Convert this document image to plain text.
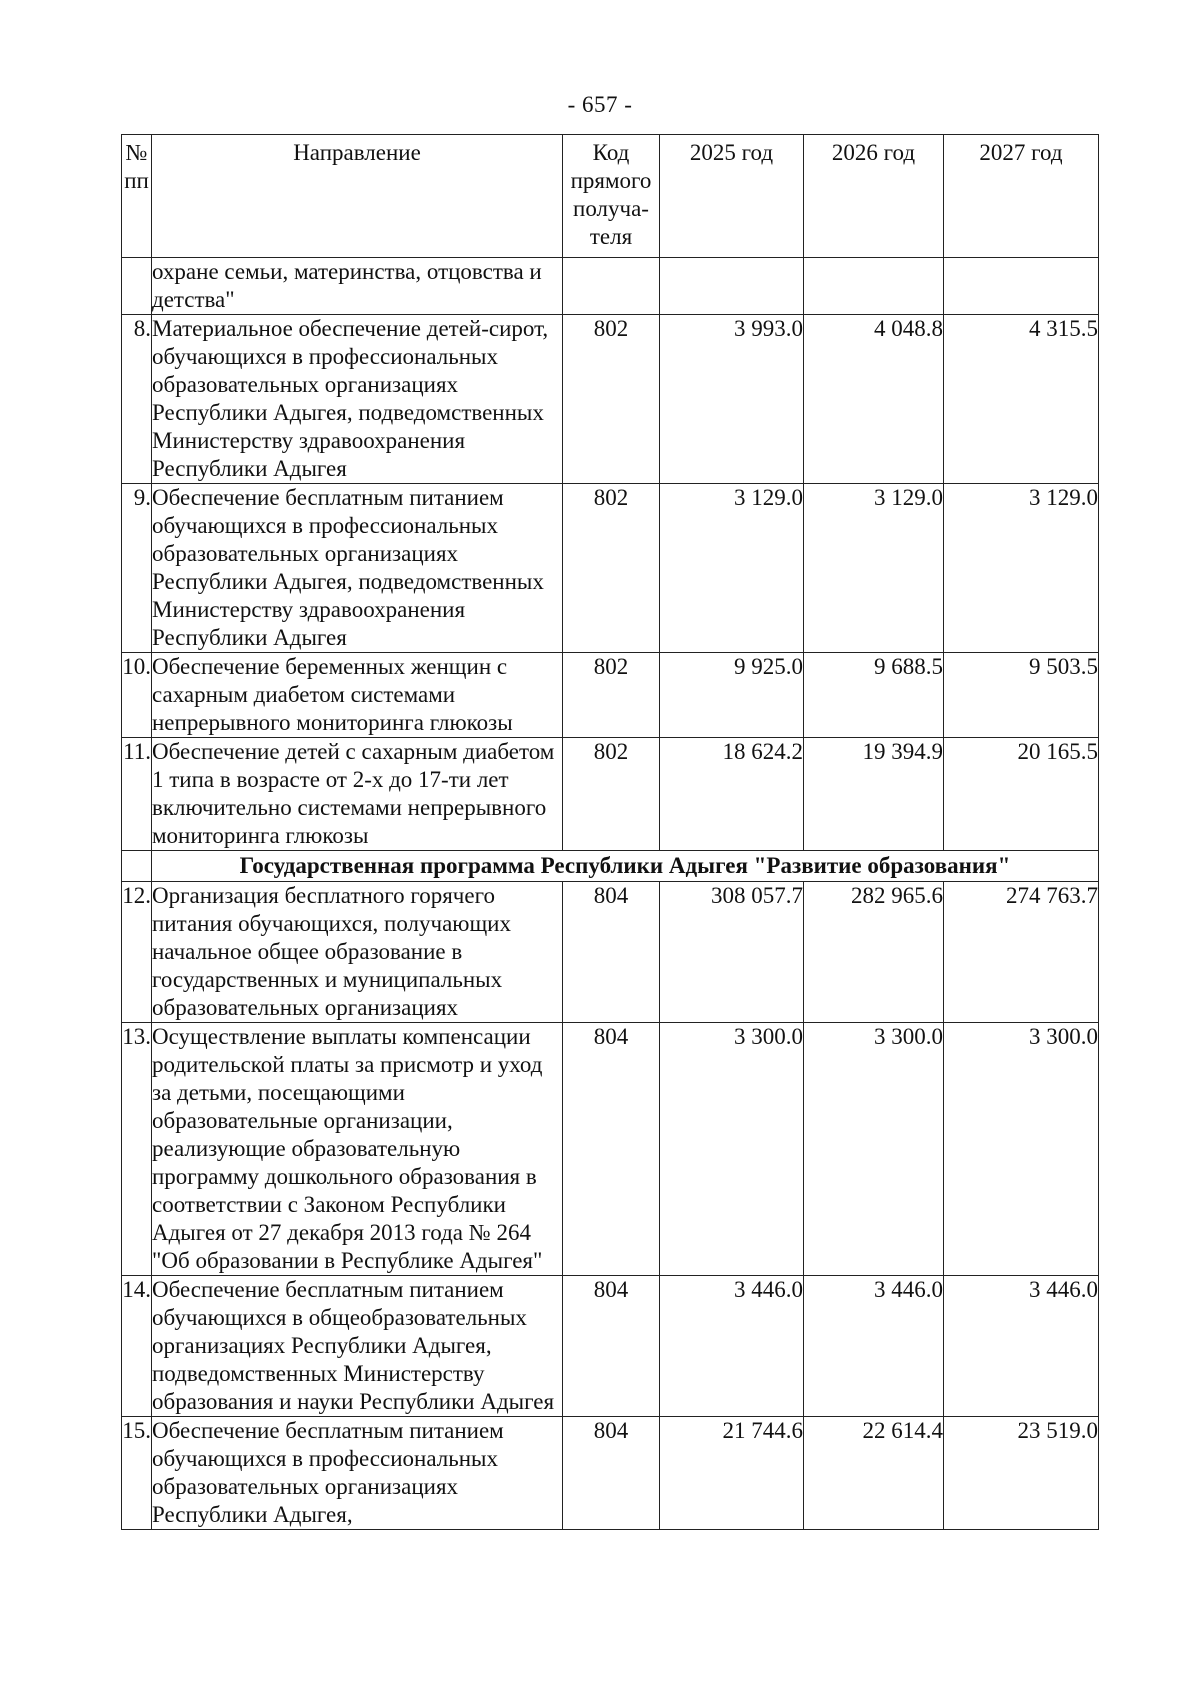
- 657 -
№ пп	Направление	Код прямого получа-теля	2025 год	2026 год	2027 год
	охране семьи, материнства, отцовства и детства"				
8.	Материальное обеспечение детей-сирот, обучающихся в профессиональных образовательных организациях Республики Адыгея, подведомственных Министерству здравоохранения Республики Адыгея	802	3 993.0	4 048.8	4 315.5
9.	Обеспечение бесплатным питанием обучающихся в профессиональных образовательных организациях Республики Адыгея, подведомственных Министерству здравоохранения Республики Адыгея	802	3 129.0	3 129.0	3 129.0
10.	Обеспечение беременных женщин с сахарным диабетом системами непрерывного мониторинга глюкозы	802	9 925.0	9 688.5	9 503.5
11.	Обеспечение детей с сахарным диабетом 1 типа в возрасте от 2-х до 17-ти лет включительно системами непрерывного мониторинга глюкозы	802	18 624.2	19 394.9	20 165.5
	Государственная программа Республики Адыгея "Развитие образования"				
12.	Организация бесплатного горячего питания обучающихся, получающих начальное общее образование в государственных и муниципальных образовательных организациях	804	308 057.7	282 965.6	274 763.7
13.	Осуществление выплаты компенсации родительской платы за присмотр и уход за детьми, посещающими образовательные организации, реализующие образовательную программу дошкольного образования в соответствии с Законом Республики Адыгея от 27 декабря 2013 года № 264 "Об образовании в Республике Адыгея"	804	3 300.0	3 300.0	3 300.0
14.	Обеспечение бесплатным питанием обучающихся в общеобразовательных организациях Республики Адыгея, подведомственных Министерству образования и науки Республики Адыгея	804	3 446.0	3 446.0	3 446.0
15.	Обеспечение бесплатным питанием обучающихся в профессиональных образовательных организациях Республики Адыгея,	804	21 744.6	22 614.4	23 519.0
